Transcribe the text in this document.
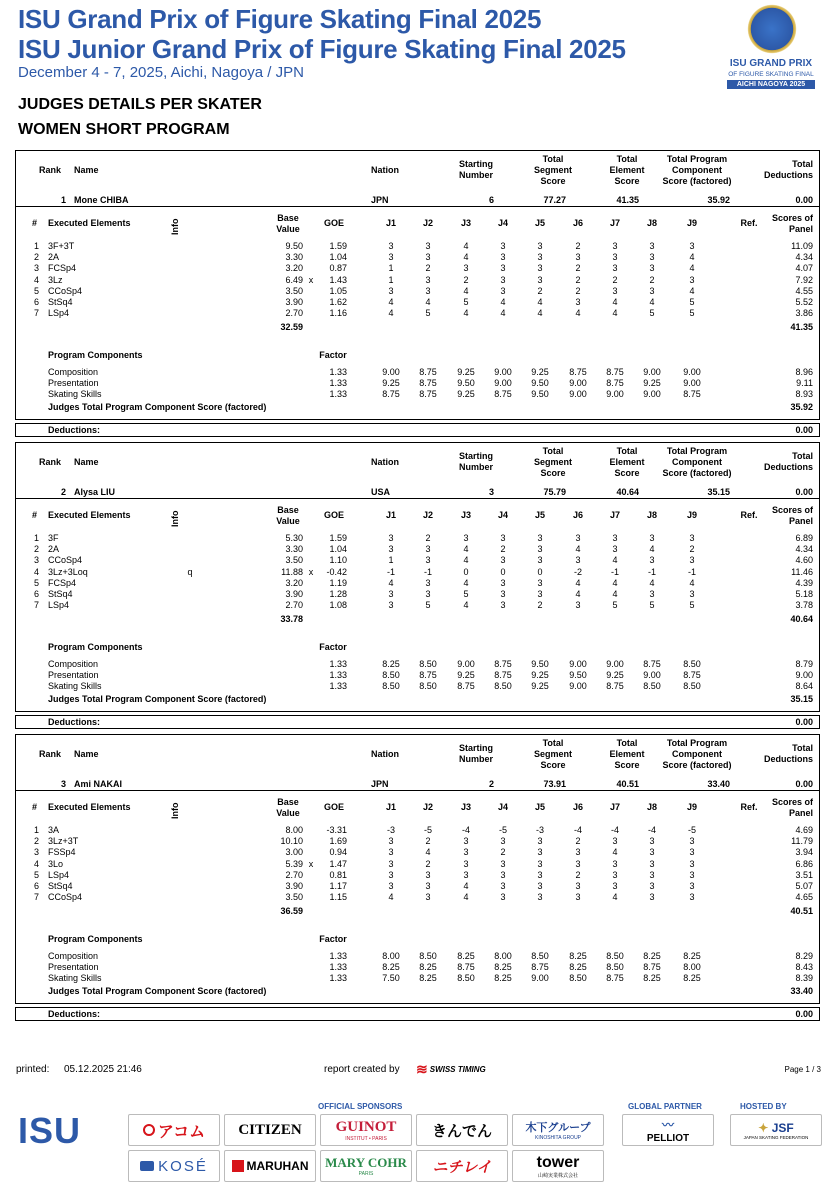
ISU Grand Prix of Figure Skating Final 2025
ISU Junior Grand Prix of Figure Skating Final 2025
December 4 - 7, 2025, Aichi, Nagoya / JPN
ISU GRAND PRIX
OF FIGURE SKATING FINAL
AICHI NAGOYA 2025
JUDGES DETAILS PER SKATER
WOMEN SHORT PROGRAM
Rank Name	Nation
Starting
Number
Total
Segment
Score
Total
Element
Score
Total Program
Component
Score (factored)
Total
Deductions
1 Mone CHIBA	JPN	6	77.27	41.35	35.92	0.00
# Executed Elements	Info
Base
Value
GOE	J1	J2	J3	J4	J5	J6	J7	J8	J9	Ref.	Scores of
Panel
1 3F+3T	9.50	1.59	3	3	4	3	3	2	3	3	3	11.09
2 2A	3.30	1.04	3	3	4	3	3	3	3	3	4	4.34
3 FCSp4	3.20	0.87	1	2	3	3	3	2	3	3	4	4.07
4 3Lz	6.49 x	1.43	1	3	2	3	3	2	2	2	3	7.92
5 CCoSp4	3.50	1.05	3	3	4	3	2	2	3	3	4	4.55
6 StSq4	3.90	1.62	4	4	5	4	4	3	4	4	5	5.52
7 LSp4	2.70	1.16	4	5	4	4	4	4	4	5	5	3.86
32.59	41.35
Program Components	Factor
Composition	1.33	9.00	8.75	9.25	9.00	9.25	8.75	8.75	9.00	9.00	8.96
Presentation	1.33	9.25	8.75	9.50	9.00	9.50	9.00	8.75	9.25	9.00	9.11
Skating Skills	1.33	8.75	8.75	9.25	8.75	9.50	9.00	9.00	9.00	8.75	8.93
Judges Total Program Component Score (factored)	35.92
Deductions:	0.00
Rank Name	Nation
Starting
Number
Total
Segment
Score
Total
Element
Score
Total Program
Component
Score (factored)
Total
Deductions
2 Alysa LIU	USA	3	75.79	40.64	35.15	0.00
# Executed Elements	Info
Base
Value
GOE	J1	J2	J3	J4	J5	J6	J7	J8	J9	Ref.	Scores of
Panel
1 3F	5.30	1.59	3	2	3	3	3	3	3	3	3	6.89
2 2A	3.30	1.04	3	3	4	2	3	4	3	4	2	4.34
3 CCoSp4	3.50	1.10	1	3	4	3	3	3	4	3	3	4.60
4 3Lz+3Loq	q	11.88 x	-0.42	-1	-1	0	0	0	-2	-1	-1	-1	11.46
5 FCSp4	3.20	1.19	4	3	4	3	3	4	4	4	4	4.39
6 StSq4	3.90	1.28	3	3	5	3	3	4	4	3	3	5.18
7 LSp4	2.70	1.08	3	5	4	3	2	3	5	5	5	3.78
33.78	40.64
Program Components	Factor
Composition	1.33	8.25	8.50	9.00	8.75	9.50	9.00	9.00	8.75	8.50	8.79
Presentation	1.33	8.50	8.75	9.25	8.75	9.25	9.50	9.25	9.00	8.75	9.00
Skating Skills	1.33	8.50	8.50	8.75	8.50	9.25	9.00	8.75	8.50	8.50	8.64
Judges Total Program Component Score (factored)	35.15
Deductions:	0.00
Rank Name	Nation
Starting
Number
Total
Segment
Score
Total
Element
Score
Total Program
Component
Score (factored)
Total
Deductions
3 Ami NAKAI	JPN	2	73.91	40.51	33.40	0.00
# Executed Elements	Info
Base
Value
GOE	J1	J2	J3	J4	J5	J6	J7	J8	J9	Ref.	Scores of
Panel
1 3A	8.00	-3.31	-3	-5	-4	-5	-3	-4	-4	-4	-5	4.69
2 3Lz+3T	10.10	1.69	3	2	3	3	3	2	3	3	3	11.79
3 FSSp4	3.00	0.94	3	4	3	2	3	3	4	3	3	3.94
4 3Lo	5.39 x	1.47	3	2	3	3	3	3	3	3	3	6.86
5 LSp4	2.70	0.81	3	3	3	3	3	2	3	3	3	3.51
6 StSq4	3.90	1.17	3	3	4	3	3	3	3	3	3	5.07
7 CCoSp4	3.50	1.15	4	3	4	3	3	3	4	3	3	4.65
36.59	40.51
Program Components	Factor
Composition	1.33	8.00	8.50	8.25	8.00	8.50	8.25	8.50	8.25	8.25	8.29
Presentation	1.33	8.25	8.25	8.75	8.25	8.75	8.25	8.50	8.75	8.00	8.43
Skating Skills	1.33	7.50	8.25	8.50	8.25	9.00	8.50	8.75	8.25	8.25	8.39
Judges Total Program Component Score (factored)	33.40
Deductions:	0.00
printed: 05.12.2025 21:46	report created by ≋ SWISS TIMING	Page 1 / 3
ISU
OFFICIAL SPONSORS	GLOBAL PARTNER	HOSTED BY
アコム	CITIZEN	GUINOT
INSTITUT • PARIS	きんでん	木下グループ
KINOSHITA GROUP
〰
PELLIOT
✦ JSF
JAPAN SKATING FEDERATION
KOSÉ	MARUHAN MARY COHR
PARIS	ニチレイ	tower
山崎実業株式会社
